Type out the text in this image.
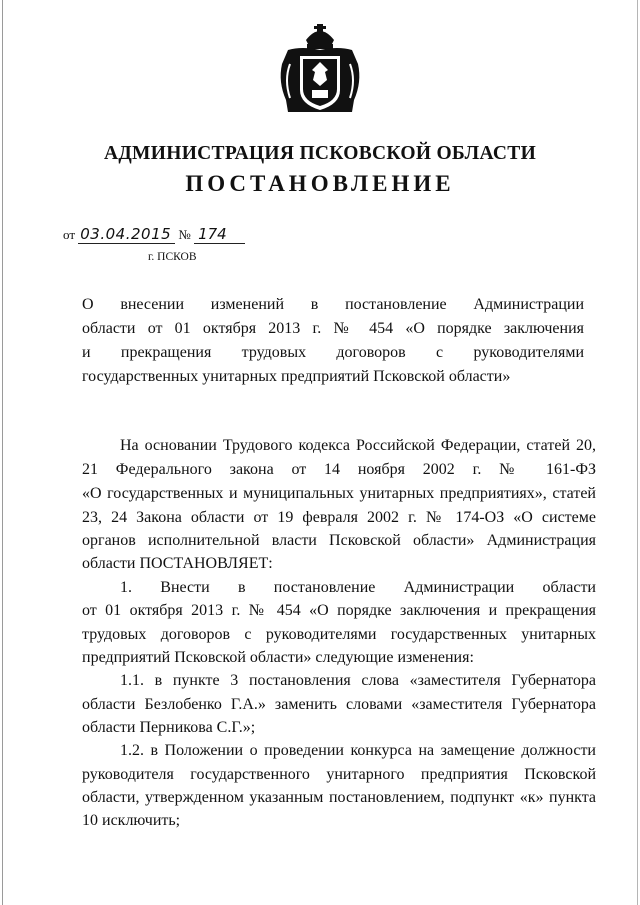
АДМИНИСТРАЦИЯ ПСКОВСКОЙ ОБЛАСТИ
ПОСТАНОВЛЕНИЕ
от 03.04.2015 № 174
г. ПСКОВ
О внесении изменений в постановление Администрации
области от 01 октября 2013 г. № 454 «О порядке заключения
и прекращения трудовых договоров с руководителями
государственных унитарных предприятий Псковской области»
На основании Трудового кодекса Российской Федерации, статей 20,
21 Федерального закона от 14 ноября 2002 г. № 161-ФЗ
«О государственных и муниципальных унитарных предприятиях», статей
23, 24 Закона области от 19 февраля 2002 г. № 174-ОЗ «О системе
органов исполнительной власти Псковской области» Администрация
области ПОСТАНОВЛЯЕТ:
1. Внести в постановление Администрации области
от 01 октября 2013 г. № 454 «О порядке заключения и прекращения
трудовых договоров с руководителями государственных унитарных
предприятий Псковской области» следующие изменения:
1.1. в пункте 3 постановления слова «заместителя Губернатора
области Безлобенко Г.А.» заменить словами «заместителя Губернатора
области Перникова С.Г.»;
1.2. в Положении о проведении конкурса на замещение должности
руководителя государственного унитарного предприятия Псковской
области, утвержденном указанным постановлением, подпункт «к» пункта
10 исключить;
